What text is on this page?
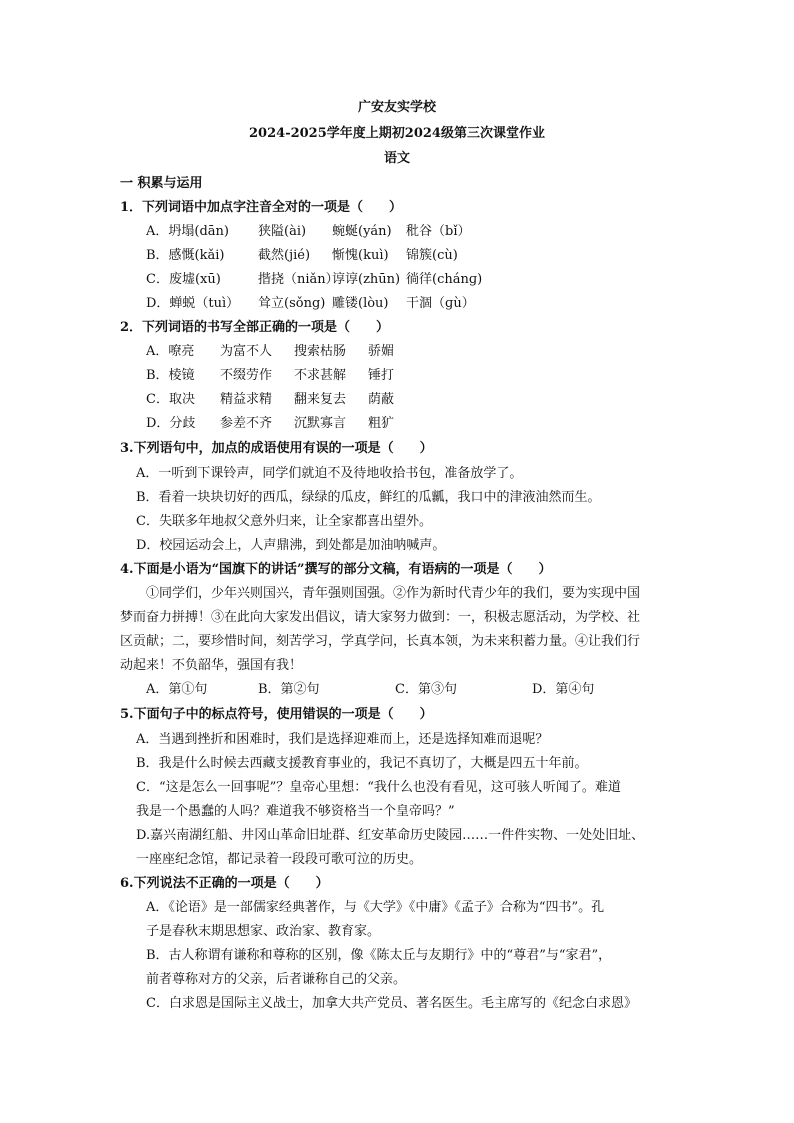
广安友实学校
2024-2025学年度上期初2024级第三次课堂作业
语文
一 积累与运用
1．下列词语中加点字注音全对的一项是（　　）
A．坍塌(dān) 狭隘(ài) 蜿蜒(yán) 秕谷（bǐ）
B．感慨(kǎi)	截然(jié) 惭愧(kuì) 锦簇(cù)
C．废墟(xū)	揩挠（niǎn）谆谆(zhūn) 徜徉(chánɡ)
D．蝉蜕（tuì） 耸立(sǒng) 雕镂(lòu) 干涸（ɡù）
2．下列词语的书写全部正确的一项是（　　）
A．嘹亮 为富不人 搜索枯肠 骄媚
B．棱镜 不缀劳作 不求甚解 锤打
C．取决 精益求精 翻来复去 荫蔽
D．分歧 参差不齐 沉默寡言 粗犷
3.下列语句中，加点的成语使用有误的一项是（　　）
A．一听到下课铃声，同学们就迫不及待地收拾书包，准备放学了。
B．看着一块块切好的西瓜，绿绿的瓜皮，鲜红的瓜瓤，我口中的津液油然而生。
C．失联多年地叔父意外归来，让全家都喜出望外。
D．校园运动会上，人声鼎沸，到处都是加油呐喊声。
4.下面是小语为“国旗下的讲话”撰写的部分文稿，有语病的一项是（　　）
①同学们，少年兴则国兴，青年强则国强。②作为新时代青少年的我们，要为实现中国
梦而奋力拼搏！③在此向大家发出倡议，请大家努力做到：一，积极志愿活动，为学校、社
区贡献；二，要珍惜时间，刻苦学习，学真学问，长真本领，为未来积蓄力量。④让我们行
动起来！不负韶华，强国有我！
A．第①句	B．第②句	C．第③句	D．第④句
5.下面句子中的标点符号，使用错误的一项是（　　）
A．当遇到挫折和困难时，我们是选择迎难而上，还是选择知难而退呢？
B．我是什么时候去西藏支援教育事业的，我记不真切了，大概是四五十年前。
C．“这是怎么一回事呢”？皇帝心里想：“我什么也没有看见，这可骇人听闻了。难道
我是一个愚蠢的人吗？难道我不够资格当一个皇帝吗？”
D.嘉兴南湖红船、井冈山革命旧址群、红安革命历史陵园……一件件实物、一处处旧址、
一座座纪念馆，都记录着一段段可歌可泣的历史。
6.下列说法不正确的一项是（　　）
A．《论语》是一部儒家经典著作，与《大学》《中庸》《孟子》合称为“四书”。孔
子是春秋末期思想家、政治家、教育家。
B．古人称谓有谦称和尊称的区别，像《陈太丘与友期行》中的“尊君”与“家君”，
前者尊称对方的父亲，后者谦称自己的父亲。
C．白求恩是国际主义战士，加拿大共产党员、著名医生。毛主席写的《纪念白求恩》
